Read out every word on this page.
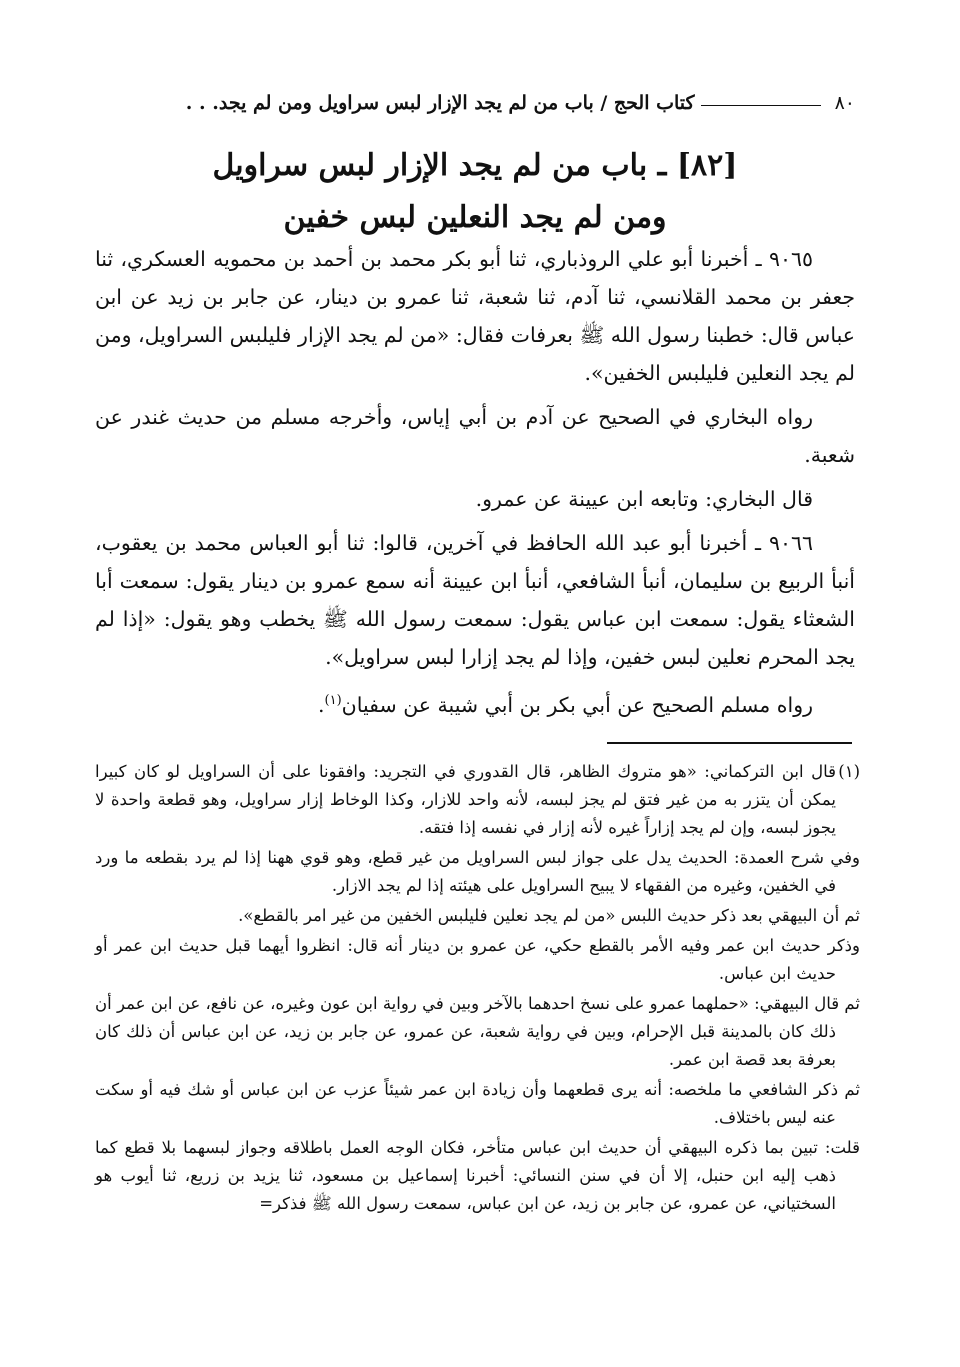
٨٠
كتاب الحج / باب من لم يجد الإزار لبس سراويل ومن لم يجد. . .
[٨٢] ـ باب من لم يجد الإزار لبس سراويل
ومن لم يجد النعلين لبس خفين

٩٠٦٥ ـ أخبرنا أبو علي الروذباري، ثنا أبو بكر محمد بن أحمد بن محمويه العسكري، ثنا جعفر بن محمد القلانسي، ثنا آدم، ثنا شعبة، ثنا عمرو بن دينار، عن جابر بن زيد عن ابن عباس قال: خطبنا رسول الله ﷺ بعرفات فقال: «من لم يجد الإزار فليلبس السراويل، ومن لم يجد النعلين فليلبس الخفين».

رواه البخاري في الصحيح عن آدم بن أبي إياس، وأخرجه مسلم من حديث غندر عن شعبة.

قال البخاري: وتابعه ابن عيينة عن عمرو.

٩٠٦٦ ـ أخبرنا أبو عبد الله الحافظ في آخرين، قالوا: ثنا أبو العباس محمد بن يعقوب، أنبأ الربيع بن سليمان، أنبأ الشافعي، أنبأ ابن عيينة أنه سمع عمرو بن دينار يقول: سمعت أبا الشعثاء يقول: سمعت ابن عباس يقول: سمعت رسول الله ﷺ يخطب وهو يقول: «إذا لم يجد المحرم نعلين لبس خفين، وإذا لم يجد إزارا لبس سراويل».

رواه مسلم الصحيح عن أبي بكر بن أبي شيبة عن سفيان$^{(١)}$.

(١)قال ابن التركماني: «هو متروك الظاهر، قال القدوري في التجريد: وافقونا على أن السراويل لو كان كبيرا يمكن أن يتزر به من غير فتق لم يجز لبسه، لأنه واحد للازار، وكذا الوخاط إزار سراويل، وهو قطعة واحدة لا يجوز لبسه، وإن لم يجد إزاراً غيره لأنه إزار في نفسه إذا فتقه.

وفي شرح العمدة: الحديث يدل على جواز لبس السراويل من غير قطع، وهو قوي ههنا إذا لم يرد بقطعه ما ورد في الخفين، وغيره من الفقهاء لا يبيح السراويل على هيئته إذا لم يجد الازار.

ثم أن البيهقي بعد ذكر حديث اللبس «من لم يجد نعلين فليلبس الخفين من غير امر بالقطع».

وذكر حديث ابن عمر وفيه الأمر بالقطع حكي، عن عمرو بن دينار أنه قال: انظروا أيهما قبل حديث ابن عمر أو حديث ابن عباس.

ثم قال البيهقي: «حملهما عمرو على نسخ احدهما بالآخر وبين في رواية ابن عون وغيره، عن نافع، عن ابن عمر أن ذلك كان بالمدينة قبل الإحرام، وبين في رواية شعبة، عن عمرو، عن جابر بن زيد، عن ابن عباس أن ذلك كان بعرفة بعد قصة ابن عمر.

ثم ذكر الشافعي ما ملخصه: أنه يرى قطعهما وأن زيادة ابن عمر شيئاً عزب عن ابن عباس أو شك فيه أو سكت عنه ليس باختلاف.

قلت: تبين بما ذكره البيهقي أن حديث ابن عباس متأخر، فكان الوجه العمل باطلاقه وجواز لبسهما بلا قطع كما ذهب إليه ابن حنبل، إلا أن في سنن النسائي: أخبرنا إسماعيل بن مسعود، ثنا يزيد بن زريع، ثنا أيوب هو السختياني، عن عمرو، عن جابر بن زيد، عن ابن عباس، سمعت رسول الله ﷺ فذكر=
